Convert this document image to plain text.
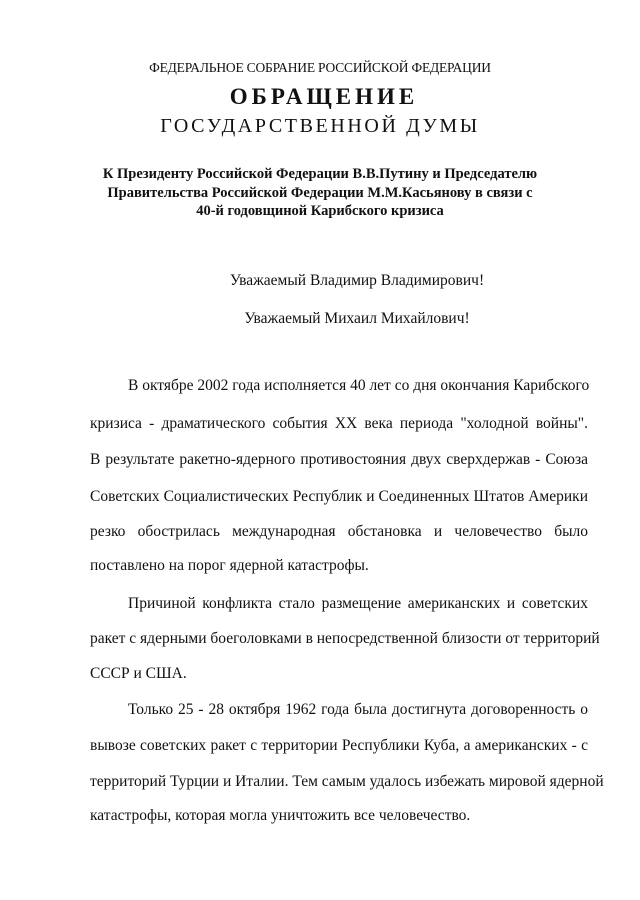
ФЕДЕРАЛЬНОЕ СОБРАНИЕ РОССИЙСКОЙ ФЕДЕРАЦИИ
ОБРАЩЕНИЕ
ГОСУДАРСТВЕННОЙ ДУМЫ
К Президенту Российской Федерации В.В.Путину и Председателю
Правительства Российской Федерации М.М.Касьянову в связи с
40-й годовщиной Карибского кризиса
Уважаемый Владимир Владимирович!
Уважаемый Михаил Михайлович!
В октябре 2002 года исполняется 40 лет со дня окончания Карибского
кризиса - драматического события XX века периода "холодной войны".
В результате ракетно-ядерного противостояния двух сверхдержав - Союза
Советских Социалистических Республик и Соединенных Штатов Америки
резко обострилась международная обстановка и человечество было
поставлено на порог ядерной катастрофы.
Причиной конфликта стало размещение американских и советских
ракет с ядерными боеголовками в непосредственной близости от территорий
СССР и США.
Только 25 - 28 октября 1962 года была достигнута договоренность о
вывозе советских ракет с территории Республики Куба, а американских - с
территорий Турции и Италии. Тем самым удалось избежать мировой ядерной
катастрофы, которая могла уничтожить все человечество.
